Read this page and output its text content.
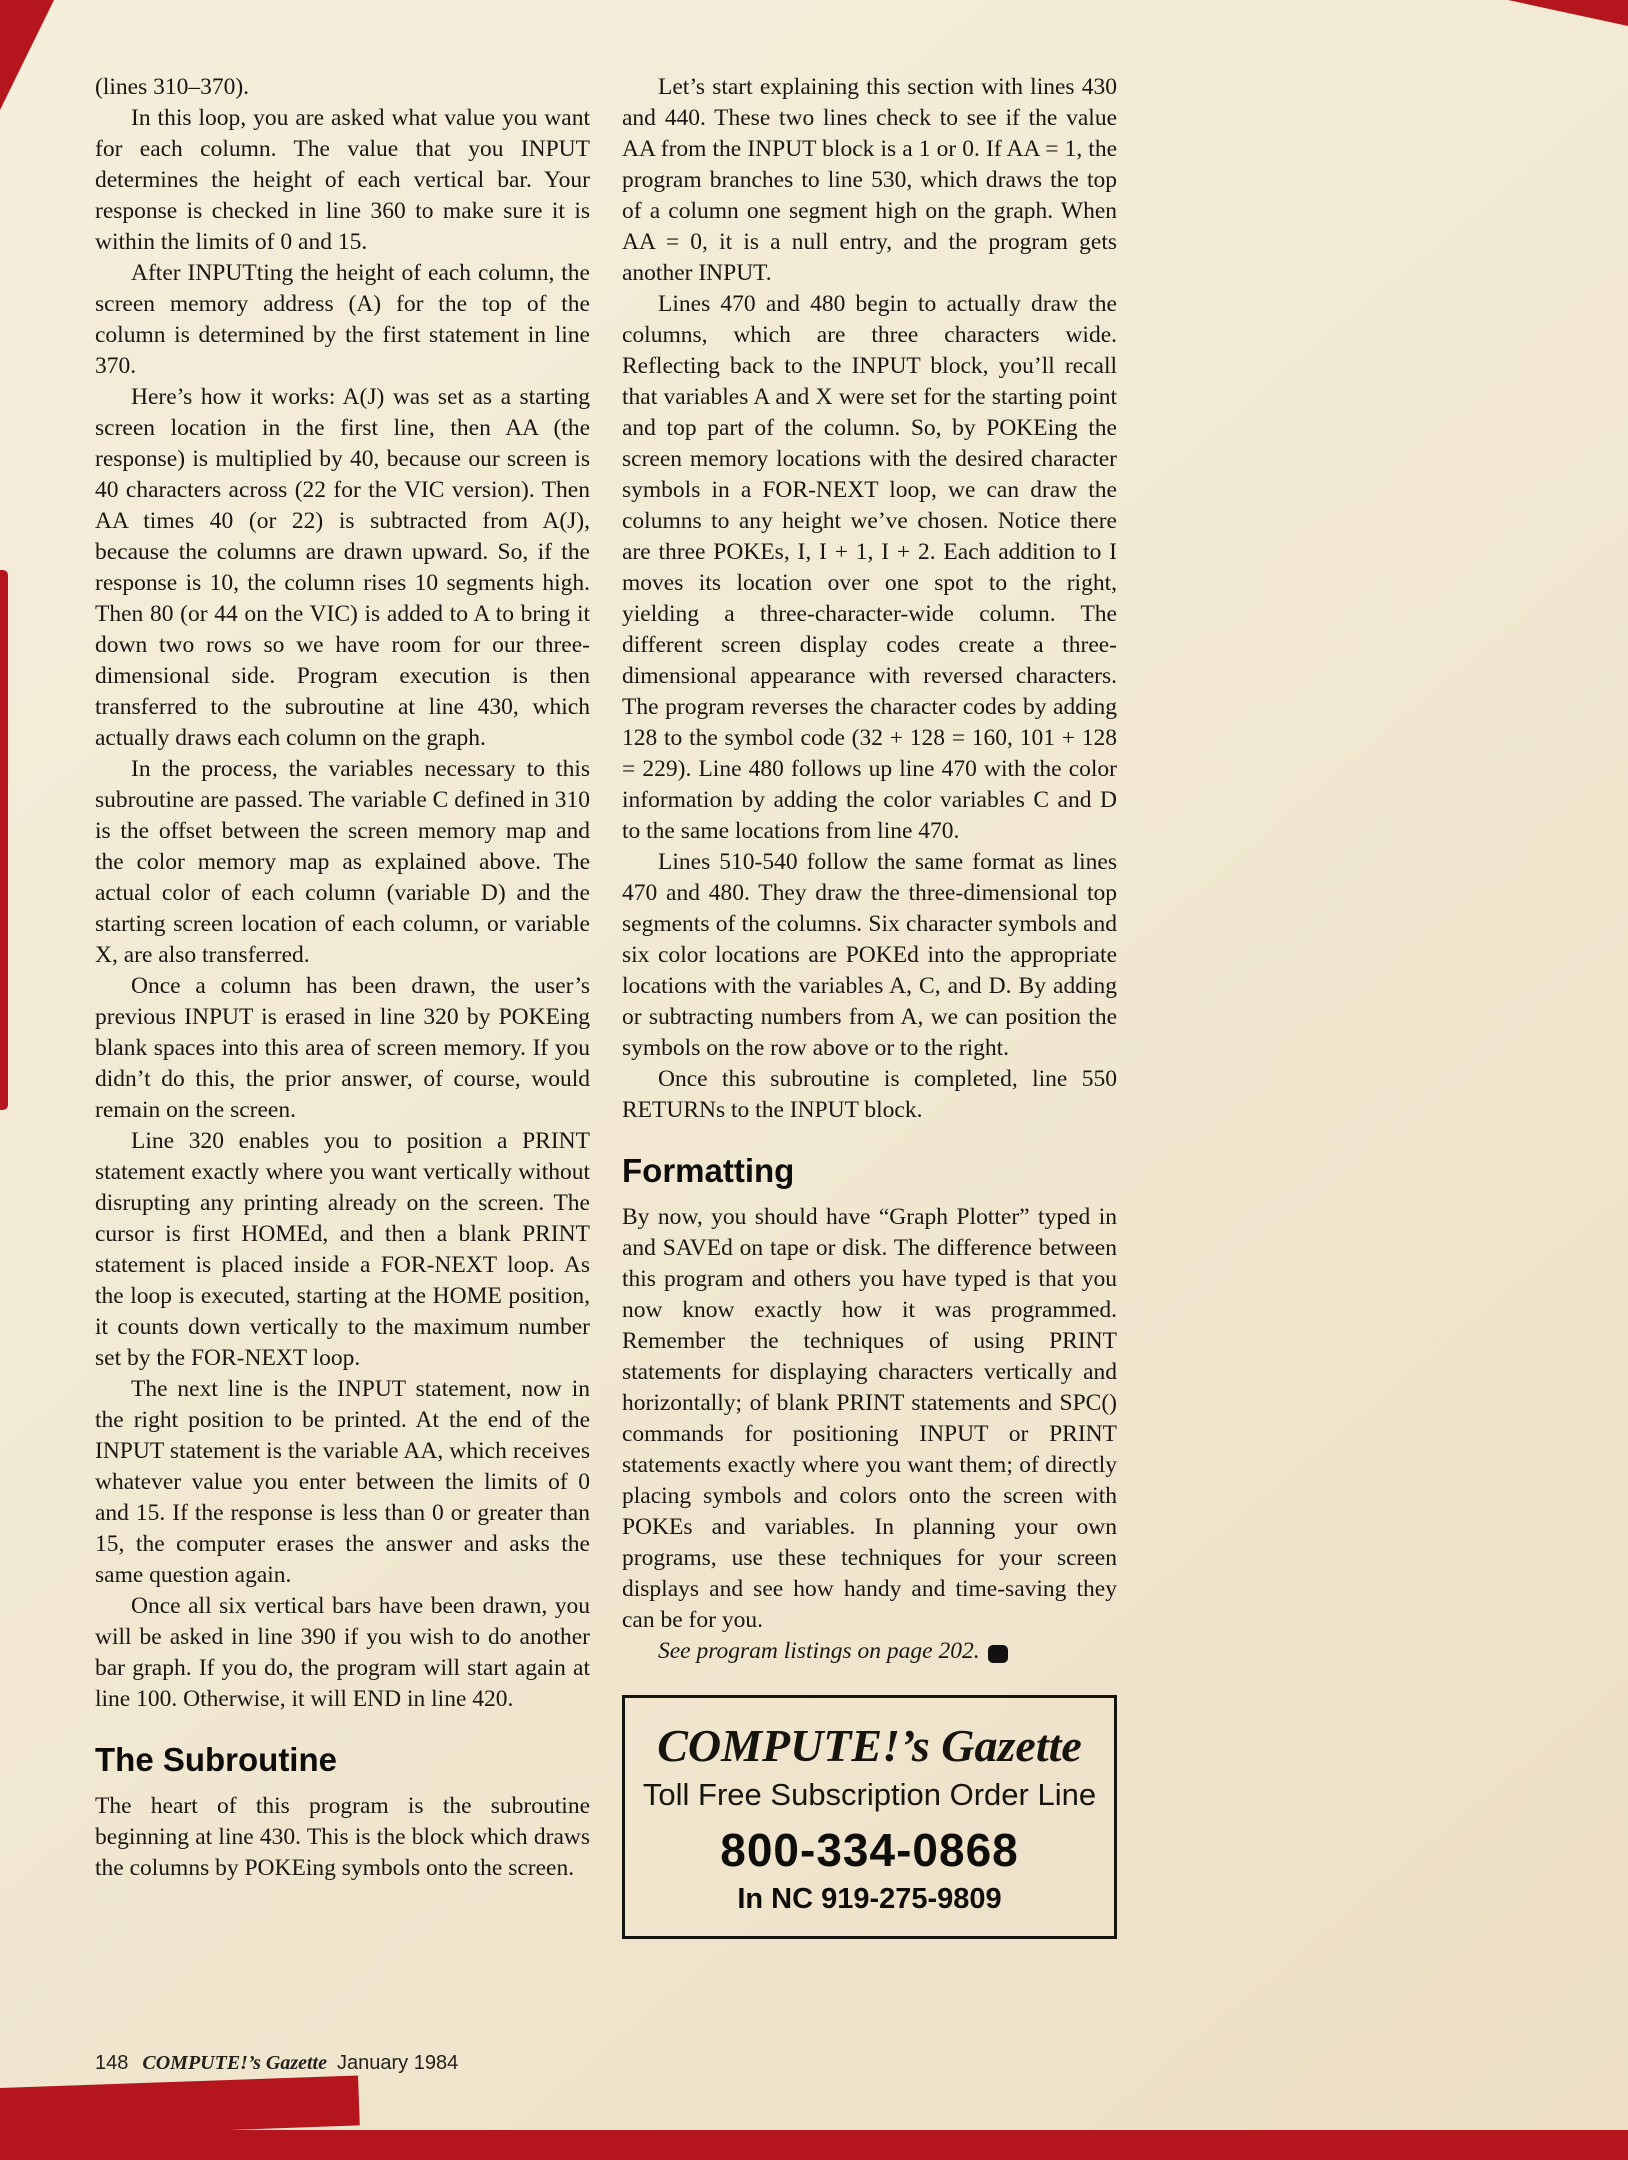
(lines 310–370).

In this loop, you are asked what value you want for each column. The value that you INPUT determines the height of each vertical bar. Your response is checked in line 360 to make sure it is within the limits of 0 and 15.

After INPUTting the height of each column, the screen memory address (A) for the top of the column is determined by the first statement in line 370.

Here’s how it works: A(J) was set as a starting screen location in the first line, then AA (the response) is multiplied by 40, because our screen is 40 characters across (22 for the VIC version). Then AA times 40 (or 22) is subtracted from A(J), because the columns are drawn upward. So, if the response is 10, the column rises 10 segments high. Then 80 (or 44 on the VIC) is added to A to bring it down two rows so we have room for our three-dimensional side. Program execution is then transferred to the subroutine at line 430, which actually draws each column on the graph.

In the process, the variables necessary to this subroutine are passed. The variable C defined in 310 is the offset between the screen memory map and the color memory map as explained above. The actual color of each column (variable D) and the starting screen location of each column, or variable X, are also transferred.

Once a column has been drawn, the user’s previous INPUT is erased in line 320 by POKEing blank spaces into this area of screen memory. If you didn’t do this, the prior answer, of course, would remain on the screen.

Line 320 enables you to position a PRINT statement exactly where you want vertically without disrupting any printing already on the screen. The cursor is first HOMEd, and then a blank PRINT statement is placed inside a FOR-NEXT loop. As the loop is executed, starting at the HOME position, it counts down vertically to the maximum number set by the FOR-NEXT loop.

The next line is the INPUT statement, now in the right position to be printed. At the end of the INPUT statement is the variable AA, which receives whatever value you enter between the limits of 0 and 15. If the response is less than 0 or greater than 15, the computer erases the answer and asks the same question again.

Once all six vertical bars have been drawn, you will be asked in line 390 if you wish to do another bar graph. If you do, the program will start again at line 100. Otherwise, it will END in line 420.

The Subroutine

The heart of this program is the subroutine beginning at line 430. This is the block which draws the columns by POKEing symbols onto the screen.

Let’s start explaining this section with lines 430 and 440. These two lines check to see if the value AA from the INPUT block is a 1 or 0. If AA = 1, the program branches to line 530, which draws the top of a column one segment high on the graph. When AA = 0, it is a null entry, and the program gets another INPUT.

Lines 470 and 480 begin to actually draw the columns, which are three characters wide. Reflecting back to the INPUT block, you’ll recall that variables A and X were set for the starting point and top part of the column. So, by POKEing the screen memory locations with the desired character symbols in a FOR-NEXT loop, we can draw the columns to any height we’ve chosen. Notice there are three POKEs, I, I + 1, I + 2. Each addition to I moves its location over one spot to the right, yielding a three-character-wide column. The different screen display codes create a three-dimensional appearance with reversed characters. The program reverses the character codes by adding 128 to the symbol code (32 + 128 = 160, 101 + 128 = 229). Line 480 follows up line 470 with the color information by adding the color variables C and D to the same locations from line 470.

Lines 510-540 follow the same format as lines 470 and 480. They draw the three-dimensional top segments of the columns. Six character symbols and six color locations are POKEd into the appropriate locations with the variables A, C, and D. By adding or subtracting numbers from A, we can position the symbols on the row above or to the right.

Once this subroutine is completed, line 550 RETURNs to the INPUT block.

Formatting

By now, you should have “Graph Plotter” typed in and SAVEd on tape or disk. The difference between this program and others you have typed is that you now know exactly how it was programmed. Remember the techniques of using PRINT statements for displaying characters vertically and horizontally; of blank PRINT statements and SPC() commands for positioning INPUT or PRINT statements exactly where you want them; of directly placing symbols and colors onto the screen with POKEs and variables. In planning your own programs, use these techniques for your screen displays and see how handy and time-saving they can be for you.

See program listings on page 202.	G

COMPUTE!’s Gazette
Toll Free Subscription Order Line
800-334-0868
In NC 919-275-9809
148 COMPUTE!’s Gazette January 1984
